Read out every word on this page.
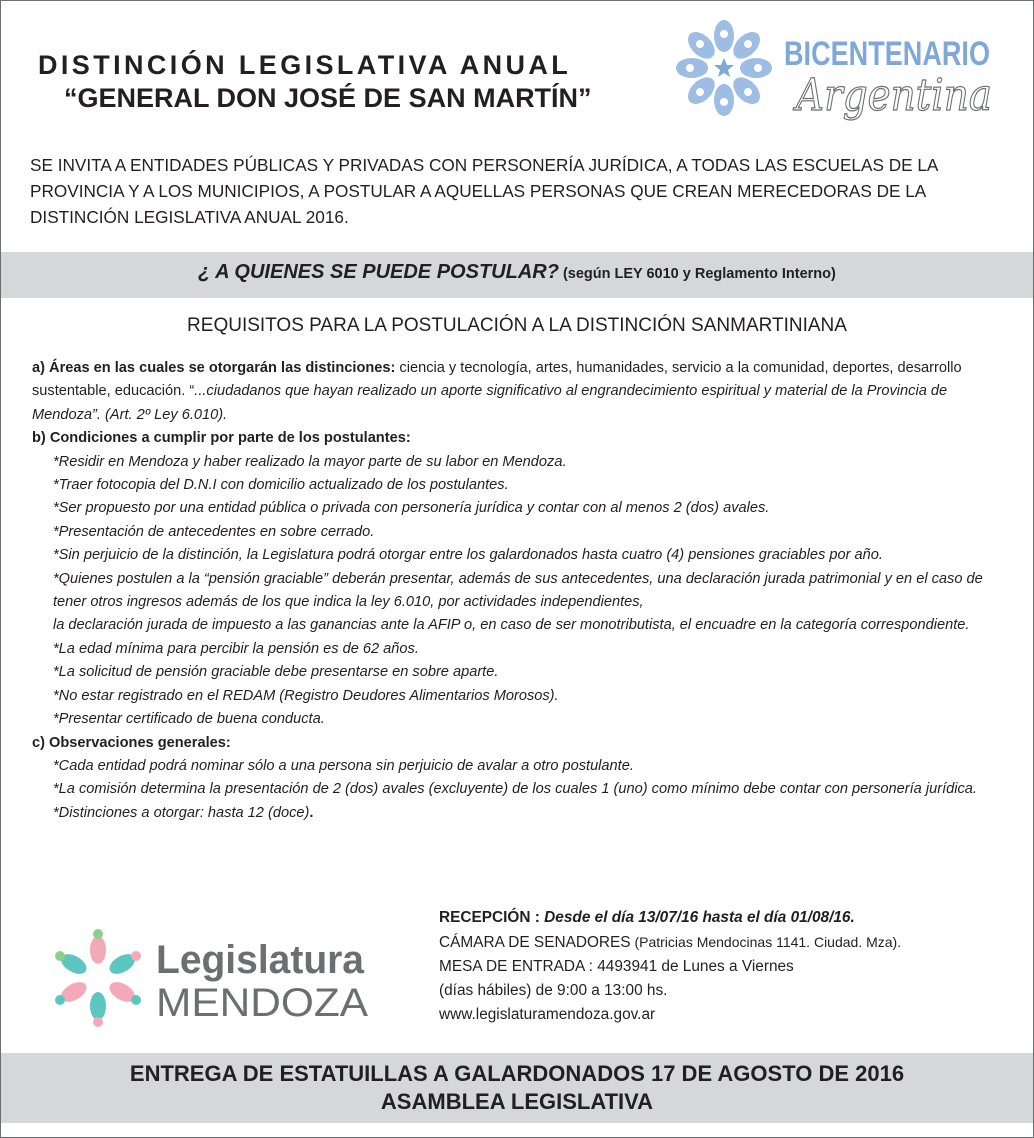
DISTINCIÓN LEGISLATIVA ANUAL
“GENERAL DON JOSÉ DE SAN MARTÍN”
BICENTENARIO
Argentina
SE INVITA A ENTIDADES PÚBLICAS Y PRIVADAS CON PERSONERÍA JURÍDICA, A TODAS LAS ESCUELAS DE LA PROVINCIA Y A LOS MUNICIPIOS, A POSTULAR A AQUELLAS PERSONAS QUE CREAN MERECEDORAS DE LA DISTINCIÓN LEGISLATIVA ANUAL 2016.
¿ A QUIENES SE PUEDE POSTULAR? (según LEY 6010 y Reglamento Interno)
REQUISITOS PARA LA POSTULACIÓN A LA DISTINCIÓN SANMARTINIANA

a) Áreas en las cuales se otorgarán las distinciones: ciencia y tecnología, artes, humanidades, servicio a la comunidad, deportes, desarrollo sustentable, educación. “...ciudadanos que hayan realizado un aporte significativo al engrandecimiento espiritual y material de la Provincia de Mendoza”. (Art. 2º Ley 6.010).

b) Condiciones a cumplir por parte de los postulantes:

*Residir en Mendoza y haber realizado la mayor parte de su labor en Mendoza.

*Traer fotocopia del D.N.I con domicilio actualizado de los postulantes.

*Ser propuesto por una entidad pública o privada con personería jurídica y contar con al menos 2 (dos) avales.

*Presentación de antecedentes en sobre cerrado.

*Sin perjuicio de la distinción, la Legislatura podrá otorgar entre los galardonados hasta cuatro (4) pensiones graciables por año.

*Quienes postulen a la “pensión graciable” deberán presentar, además de sus antecedentes, una declaración jurada patrimonial y en el caso de tener otros ingresos además de los que indica la ley 6.010, por actividades independientes,

la declaración jurada de impuesto a las ganancias ante la AFIP o, en caso de ser monotributista, el encuadre en la categoría correspondiente.

*La edad mínima para percibir la pensión es de 62 años.

*La solicitud de pensión graciable debe presentarse en sobre aparte.

*No estar registrado en el REDAM (Registro Deudores Alimentarios Morosos).

*Presentar certificado de buena conducta.

c) Observaciones generales:

*Cada entidad podrá nominar sólo a una persona sin perjuicio de avalar a otro postulante.

*La comisión determina la presentación de 2 (dos) avales (excluyente) de los cuales 1 (uno) como mínimo debe contar con personería jurídica.

*Distinciones a otorgar: hasta 12 (doce).

Legislatura
MENDOZA
RECEPCIÓN : Desde el día 13/07/16 hasta el día 01/08/16.
CÁMARA DE SENADORES (Patricias Mendocinas 1141. Ciudad. Mza).
MESA DE ENTRADA : 4493941 de Lunes a Viernes
(días hábiles) de 9:00 a 13:00 hs.
www.legislaturamendoza.gov.ar
ENTREGA DE ESTATUILLAS A GALARDONADOS 17 DE AGOSTO DE 2016
ASAMBLEA LEGISLATIVA
